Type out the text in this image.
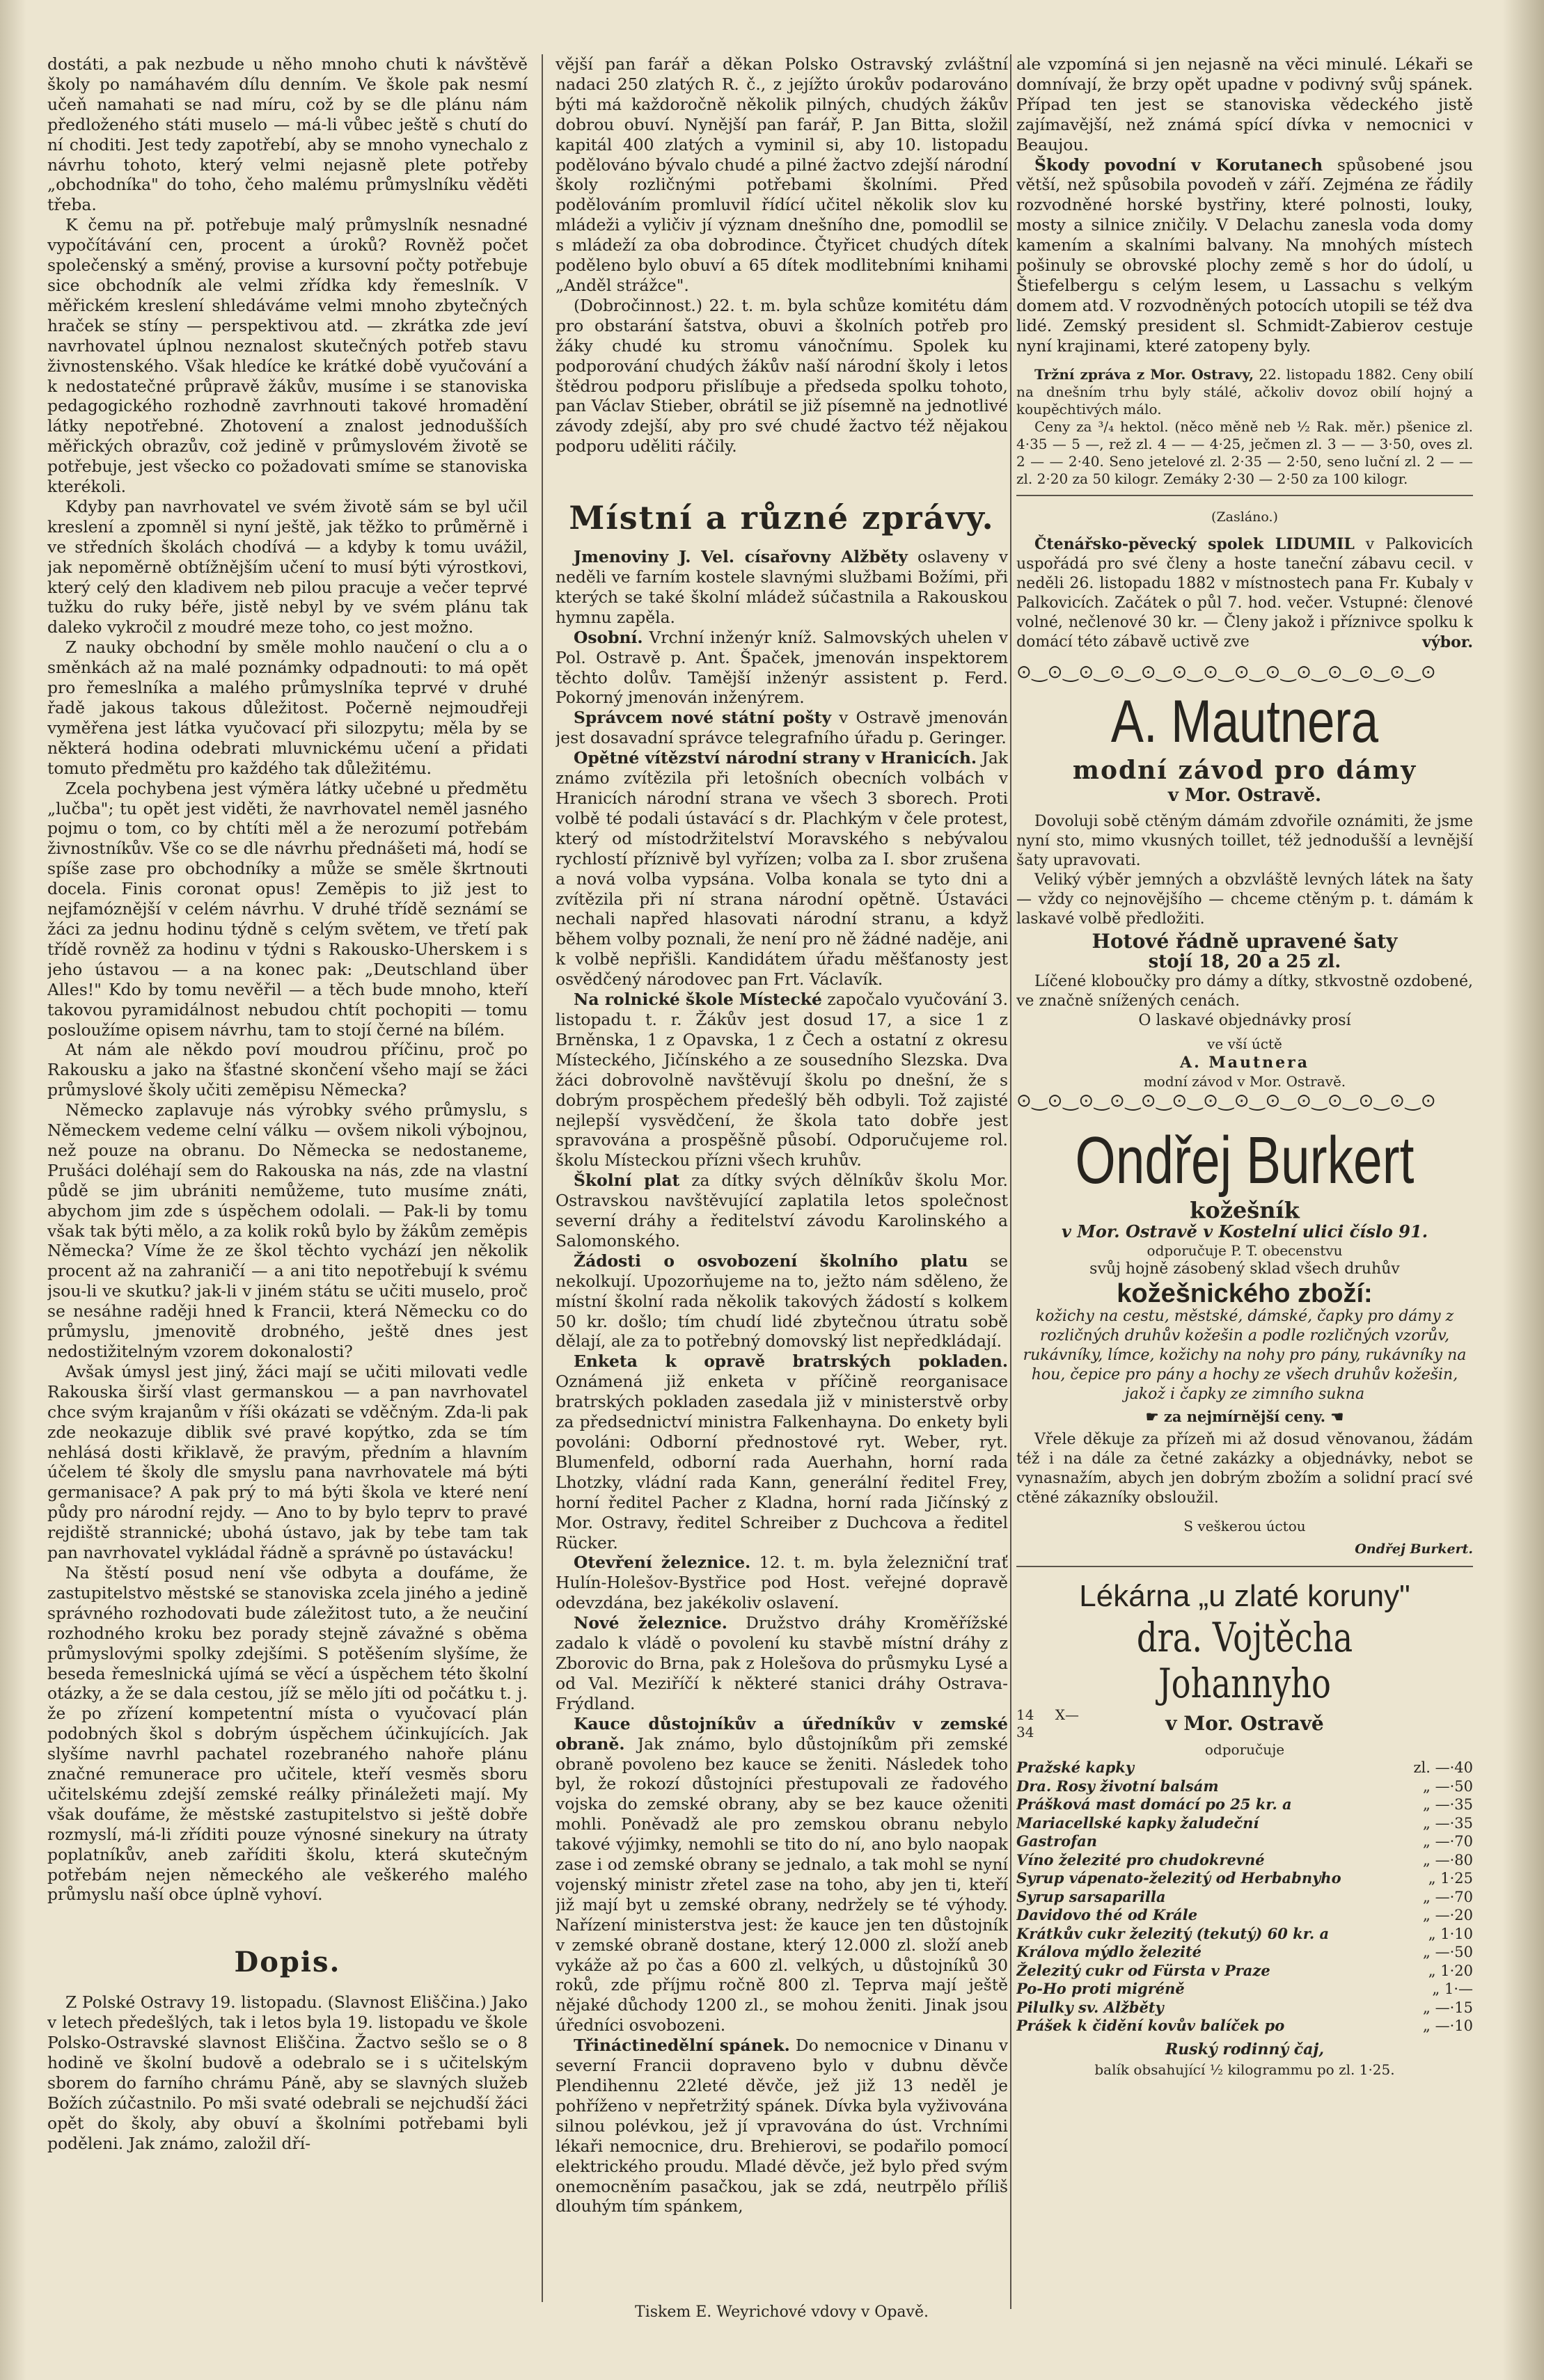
dostáti, a pak nezbude u něho mnoho chuti k návštěvě školy po namáhavém dílu denním. Ve škole pak nesmí učeň namahati se nad míru, což by se dle plánu nám předloženého státi muselo — má-li vůbec ještě s chutí do ní choditi. Jest tedy zapotřebí, aby se mnoho vynechalo z návrhu tohoto, který velmi nejasně plete potřeby „obchodníka" do toho, čeho malému průmyslníku věděti třeba.

K čemu na př. potřebuje malý průmyslník nesnadné vypočítávání cen, procent a úroků? Rovněž počet společenský a směný, provise a kursovní počty potřebuje sice obchodník ale velmi zřídka kdy řemeslník. V měřickém kreslení shledáváme velmi mnoho zbytečných hraček se stíny — perspektivou atd. — zkrátka zde jeví navrhovatel úplnou neznalost skutečných potřeb stavu živnostenského. Však hledíce ke krátké době vyučování a k nedostatečné průpravě žákův, musíme i se stanoviska pedagogického rozhodně zavrhnouti takové hromadění látky nepotřebné. Zhotovení a znalost jednodušších měřických obrazův, což jedině v průmyslovém životě se potřebuje, jest všecko co požadovati smíme se stanoviska kterékoli.

Kdyby pan navrhovatel ve svém životě sám se byl učil kreslení a zpomněl si nyní ještě, jak těžko to průměrně i ve středních školách chodívá — a kdyby k tomu uvážil, jak nepoměrně obtížnějším učení to musí býti výrostkovi, který celý den kladivem neb pilou pracuje a večer teprvé tužku do ruky béře, jistě nebyl by ve svém plánu tak daleko vykročil z moudré meze toho, co jest možno.

Z nauky obchodní by směle mohlo naučení o clu a o směnkách až na malé poznámky odpadnouti: to má opět pro řemeslníka a malého průmyslníka teprvé v druhé řadě jakous takous důležitost. Počerně nejmoudřeji vyměřena jest látka vyučovací při silozpytu; měla by se některá hodina odebrati mluvnickému učení a přidati tomuto předmětu pro každého tak důležitému.

Zcela pochybena jest výměra látky učebné u předmětu „lučba"; tu opět jest viděti, že navrhovatel neměl jasného pojmu o tom, co by chtíti měl a že nerozumí potřebám živnostníkův. Vše co se dle návrhu přednášeti má, hodí se spíše zase pro obchodníky a může se směle škrtnouti docela. Finis coronat opus! Zeměpis to již jest to nejfamóznější v celém návrhu. V druhé třídě seznámí se žáci za jednu hodinu týdně s celým světem, ve třetí pak třídě rovněž za hodinu v týdni s Rakousko-Uherskem i s jeho ústavou — a na konec pak: „Deutschland über Alles!" Kdo by tomu nevěřil — a těch bude mnoho, kteří takovou pyramidálnost nebudou chtít pochopiti — tomu posloužíme opisem návrhu, tam to stojí černé na bílém.

At nám ale někdo poví moudrou příčinu, proč po Rakousku a jako na šťastné skončení všeho mají se žáci průmyslové školy učiti zeměpisu Německa?

Německo zaplavuje nás výrobky svého průmyslu, s Německem vedeme celní válku — ovšem nikoli výbojnou, než pouze na obranu. Do Německa se nedostaneme, Prušáci doléhají sem do Rakouska na nás, zde na vlastní půdě se jim ubrániti nemůžeme, tuto musíme znáti, abychom jim zde s úspěchem odolali. — Pak-li by tomu však tak býti mělo, a za kolik roků bylo by žákům zeměpis Německa? Víme že ze škol těchto vychází jen několik procent až na zahraničí — a ani tito nepotřebují k svému jsou-li ve skutku? jak-li v jiném státu se učiti muselo, proč se nesáhne raději hned k Francii, která Německu co do průmyslu, jmenovitě drobného, ještě dnes jest nedostižitelným vzorem dokonalosti?

Avšak úmysl jest jiný, žáci mají se učiti milovati vedle Rakouska širší vlast germanskou — a pan navrhovatel chce svým krajanům v říši okázati se vděčným. Zda-li pak zde neokazuje diblik své pravé kopýtko, zda se tím nehlásá dosti křiklavě, že pravým, předním a hlavním účelem té školy dle smyslu pana navrhovatele má býti germanisace? A pak prý to má býti škola ve které není půdy pro národní rejdy. — Ano to by bylo teprv to pravé rejdiště strannické; ubohá ústavo, jak by tebe tam tak pan navrhovatel vykládal řádně a správně po ústavácku!

Na štěstí posud není vše odbyta a doufáme, že zastupitelstvo městské se stanoviska zcela jiného a jedině správného rozhodovati bude záležitost tuto, a že neučiní rozhodného kroku bez porady stejně závažné s oběma průmyslovými spolky zdejšími. S potěšením slyšíme, že beseda řemeslnická ujímá se věcí a úspěchem této školní otázky, a že se dala cestou, jíž se mělo jíti od počátku t. j. že po zřízení kompetentní místa o vyučovací plán podobných škol s dobrým úspěchem účinkujících. Jak slyšíme navrhl pachatel rozebraného nahoře plánu značné remunerace pro učitele, kteří vesměs sboru učitelskému zdejší zemské reálky přináležeti mají. My však doufáme, že městské zastupitelstvo si ještě dobře rozmyslí, má-li zříditi pouze výnosné sinekury na útraty poplatníkův, aneb zaříditi školu, která skutečným potřebám nejen německého ale veškerého malého průmyslu naší obce úplně vyhoví.

Dopis.

Z Polské Ostravy 19. listopadu. (Slavnost Eliščina.) Jako v letech předešlých, tak i letos byla 19. listopadu ve škole Polsko-Ostravské slavnost Eliščina. Žactvo sešlo se o 8 hodině ve školní budově a odebralo se i s učitelským sborem do farního chrámu Páně, aby se slavných služeb Božích zúčastnilo. Po mši svaté odebrali se nejchudší žáci opět do školy, aby obuví a školními potřebami byli poděleni. Jak známo, založil dří-

vější pan farář a děkan Polsko Ostravský zvláštní nadaci 250 zlatých R. č., z jejížto úrokův podarováno býti má každoročně několik pilných, chudých žákův dobrou obuví. Nynější pan farář, P. Jan Bitta, složil kapitál 400 zlatých a vyminil si, aby 10. listopadu podělováno bývalo chudé a pilné žactvo zdejší národní školy rozličnými potřebami školními. Před podělováním promluvil řídící učitel několik slov ku mládeži a vyličiv jí význam dnešního dne, pomodlil se s mládeží za oba dobrodince. Čtyřicet chudých dítek poděleno bylo obuví a 65 dítek modlitebními knihami „Anděl strážce".

(Dobročinnost.) 22. t. m. byla schůze komitétu dám pro obstarání šatstva, obuvi a školních potřeb pro žáky chudé ku stromu vánočnímu. Spolek ku podporování chudých žákův naší národní školy i letos štědrou podporu přislíbuje a předseda spolku tohoto, pan Václav Stieber, obrátil se již písemně na jednotlivé závody zdejší, aby pro své chudé žactvo též nějakou podporu uděliti ráčily.

Místní a různé zprávy.

Jmenoviny J. Vel. císařovny Alžběty oslaveny v neděli ve farním kostele slavnými službami Božími, při kterých se také školní mládež súčastnila a Rakouskou hymnu zapěla.

Osobní. Vrchní inženýr kníž. Salmovských uhelen v Pol. Ostravě p. Ant. Špaček, jmenován inspektorem těchto dolův. Tamější inženýr assistent p. Ferd. Pokorný jmenován inženýrem.

Správcem nové státní pošty v Ostravě jmenován jest dosavadní správce telegrafního úřadu p. Geringer.

Opětné vítězství národní strany v Hranicích. Jak známo zvítězila při letošních obecních volbách v Hranicích národní strana ve všech 3 sborech. Proti volbě té podali ústavácí s dr. Plachkým v čele protest, který od místodržitelství Moravského s nebývalou rychlostí příznivě byl vyřízen; volba za I. sbor zrušena a nová volba vypsána. Volba konala se tyto dni a zvítězila při ní strana národní opětně. Ústaváci nechali napřed hlasovati národní stranu, a když během volby poznali, že není pro ně žádné naděje, ani k volbě nepřišli. Kandidátem úřadu měšťanosty jest osvědčený národovec pan Frt. Václavík.

Na rolnické škole Místecké započalo vyučování 3. listopadu t. r. Žákův jest dosud 17, a sice 1 z Brněnska, 1 z Opavska, 1 z Čech a ostatní z okresu Místeckého, Jičínského a ze sousedního Slezska. Dva žáci dobrovolně navštěvují školu po dnešní, že s dobrým prospěchem předešlý běh odbyli. Tož zajisté nejlepší vysvědčení, že škola tato dobře jest spravována a prospěšně působí. Odporučujeme rol. školu Místeckou přízni všech kruhův.

Školní plat za dítky svých dělníkův školu Mor. Ostravskou navštěvující zaplatila letos společnost severní dráhy a ředitelství závodu Karolinského a Salomonského.

Žádosti o osvobození školního platu se nekolkují. Upozorňujeme na to, ježto nám sděleno, že místní školní rada několik takových žádostí s kolkem 50 kr. došlo; tím chudí lidé zbytečnou útratu sobě dělají, ale za to potřebný domovský list nepředkládají.

Enketa k opravě bratrských pokladen. Oznámená již enketa v příčině reorganisace bratrských pokladen zasedala již v ministerstvě orby za předsednictví ministra Falkenhayna. Do enkety byli povoláni: Odborní přednostové ryt. Weber, ryt. Blumenfeld, odborní rada Auerhahn, horní rada Lhotzky, vládní rada Kann, generální ředitel Frey, horní ředitel Pacher z Kladna, horní rada Jičínský z Mor. Ostravy, ředitel Schreiber z Duchcova a ředitel Rücker.

Otevření železnice. 12. t. m. byla železniční trať Hulín-Holešov-Bystřice pod Host. veřejné dopravě odevzdána, bez jakékoliv oslavení.

Nové železnice. Družstvo dráhy Kroměřížské zadalo k vládě o povolení ku stavbě místní dráhy z Zborovic do Brna, pak z Holešova do průsmyku Lysé a od Val. Meziříčí k některé stanici dráhy Ostrava-Frýdland.

Kauce důstojníkův a úředníkův v zemské obraně. Jak známo, bylo důstojníkům při zemské obraně povoleno bez kauce se ženiti. Následek toho byl, že rokozí důstojníci přestupovali ze řadového vojska do zemské obrany, aby se bez kauce oženiti mohli. Poněvadž ale pro zemskou obranu nebylo takové výjimky, nemohli se tito do ní, ano bylo naopak zase i od zemské obrany se jednalo, a tak mohl se nyní vojenský ministr zřetel zase na toho, aby jen ti, kteří již mají byt u zemské obrany, nedržely se té výhody. Nařízení ministerstva jest: že kauce jen ten důstojník v zemské obraně dostane, který 12.000 zl. složí aneb vykáže až po čas a 600 zl. velkých, u důstojníků 30 roků, zde příjmu ročně 800 zl. Teprva mají ještě nějaké důchody 1200 zl., se mohou ženiti. Jinak jsou úředníci osvobozeni.

Třináctinedělní spánek. Do nemocnice v Dinanu v severní Francii dopraveno bylo v dubnu děvče Plendihennu 22leté děvče, jež již 13 neděl je pohříženo v nepřetržitý spánek. Dívka byla vyživována silnou polévkou, jež jí vpravována do úst. Vrchními lékaři nemocnice, dru. Brehierovi, se podařilo pomocí elektrického proudu. Mladé děvče, jež bylo před svým onemocněním pasačkou, jak se zdá, neutrpělo příliš dlouhým tím spánkem,

ale vzpomíná si jen nejasně na věci minulé. Lékaři se domnívají, že brzy opět upadne v podivný svůj spánek. Případ ten jest se stanoviska vědeckého jistě zajímavější, než známá spící dívka v nemocnici v Beaujou.

Škody povodní v Korutanech spůsobené jsou větší, než spůsobila povodeň v září. Zejména ze řádily rozvodněné horské bystřiny, které polnosti, louky, mosty a silnice zničily. V Delachu zanesla voda domy kamením a skalními balvany. Na mnohých místech pošinuly se obrovské plochy země s hor do údolí, u Štiefelbergu s celým lesem, u Lassachu s velkým domem atd. V rozvodněných potocích utopili se též dva lidé. Zemský president sl. Schmidt-Zabierov cestuje nyní krajinami, které zatopeny byly.

Tržní zpráva z Mor. Ostravy, 22. listopadu 1882. Ceny obilí na dnešním trhu byly stálé, ačkoliv dovoz obilí hojný a koupěchtivých málo.
Ceny za ³/₄ hektol. (něco měně neb ½ Rak. měr.) pšenice zl. 4·35 — 5 —, rež zl. 4 — — 4·25, ječmen zl. 3 — — 3·50, oves zl. 2 — — 2·40. Seno jetelové zl. 2·35 — 2·50, seno luční zl. 2 — — zl. 2·20 za 50 kilogr. Zemáky 2·30 — 2·50 za 100 kilogr.
(Zasláno.)

Čtenářsko-pěvecký spolek LIDUMIL v Palkovicích uspořádá pro své členy a hoste taneční zábavu cecil. v neděli 26. listopadu 1882 v místnostech pana Fr. Kubaly v Palkovicích. Začátek o půl 7. hod. večer. Vstupné: členové volné, nečlenové 30 kr. — Členy jakož i příznivce spolku k domácí této zábavě uctivě zve	výbor.

⊙‿⊙‿⊙‿⊙‿⊙‿⊙‿⊙‿⊙‿⊙‿⊙‿⊙‿⊙‿⊙‿⊙
A. Mautnera
modní závod pro dámy
v Mor. Ostravě.

Dovoluji sobě ctěným dámám zdvořile oznámiti, že jsme nyní sto, mimo vkusných toillet, též jednodušší a levnější šaty upravovati.

Veliký výběr jemných a obzvláště levných látek na šaty — vždy co nejnovějšího — chceme ctěným p. t. dámám k laskavé volbě předložiti.

Hotové řádně upravené šaty
stojí 18, 20 a 25 zl.

Líčené kloboučky pro dámy a dítky, stkvostně ozdobené, ve značně snížených cenách.

O laskavé objednávky prosí
ve vší úctě
A. Mautnera
modní závod v Mor. Ostravě.
⊙‿⊙‿⊙‿⊙‿⊙‿⊙‿⊙‿⊙‿⊙‿⊙‿⊙‿⊙‿⊙‿⊙
Ondřej Burkert
kožešník
v Mor. Ostravě v Kostelní ulici číslo 91.
odporučuje P. T. obecenstvu
svůj hojně zásobený sklad všech druhův
kožešnického zboží:

kožichy na cestu, městské, dámské, čapky pro dámy z rozličných druhův kožešin a podle rozličných vzorův, rukávníky, límce, kožichy na nohy pro pány, rukávníky na hou, čepice pro pány a hochy ze všech druhův kožešin, jakož i čapky ze zimního sukna

☛ za nejmírnější ceny. ☚

Vřele děkuje za přízeň mi až dosud věnovanou, žádám též i na dále za četné zakázky a objednávky, nebot se vynasnažím, abych jen dobrým zbožím a solidní prací své ctěné zákazníky obsloužil.

S veškerou úctou
Ondřej Burkert.
Lékárna „u zlaté koruny"
dra. Vojtěcha Johannyho
14 X—34	v Mor. Ostravě
odporučuje
Pražské kapky	zl. —·40
Dra. Rosy životní balsám	„ —·50
Prášková mast domácí po 25 kr. a	„ —·35
Mariacellské kapky žaludeční	„ —·35
Gastrofan	„ —·70
Víno železité pro chudokrevné	„ —·80
Syrup vápenato-železitý od Herbabnyho	„ 1·25
Syrup sarsaparilla	„ —·70
Davidovo thé od Krále	„ —·20
Krátkův cukr železitý (tekutý) 60 kr. a	„ 1·10
Králova mýdlo železité	„ —·50
Železitý cukr od Fürsta v Praze	„ 1·20
Po-Ho proti migréně	„ 1·—
Pilulky sv. Alžběty	„ —·15
Prášek k čidění kovův balíček po	„ —·10
Ruský rodinný čaj,
balík obsahující ½ kilogrammu po zl. 1·25.
Tiskem E. Weyrichové vdovy v Opavě.
